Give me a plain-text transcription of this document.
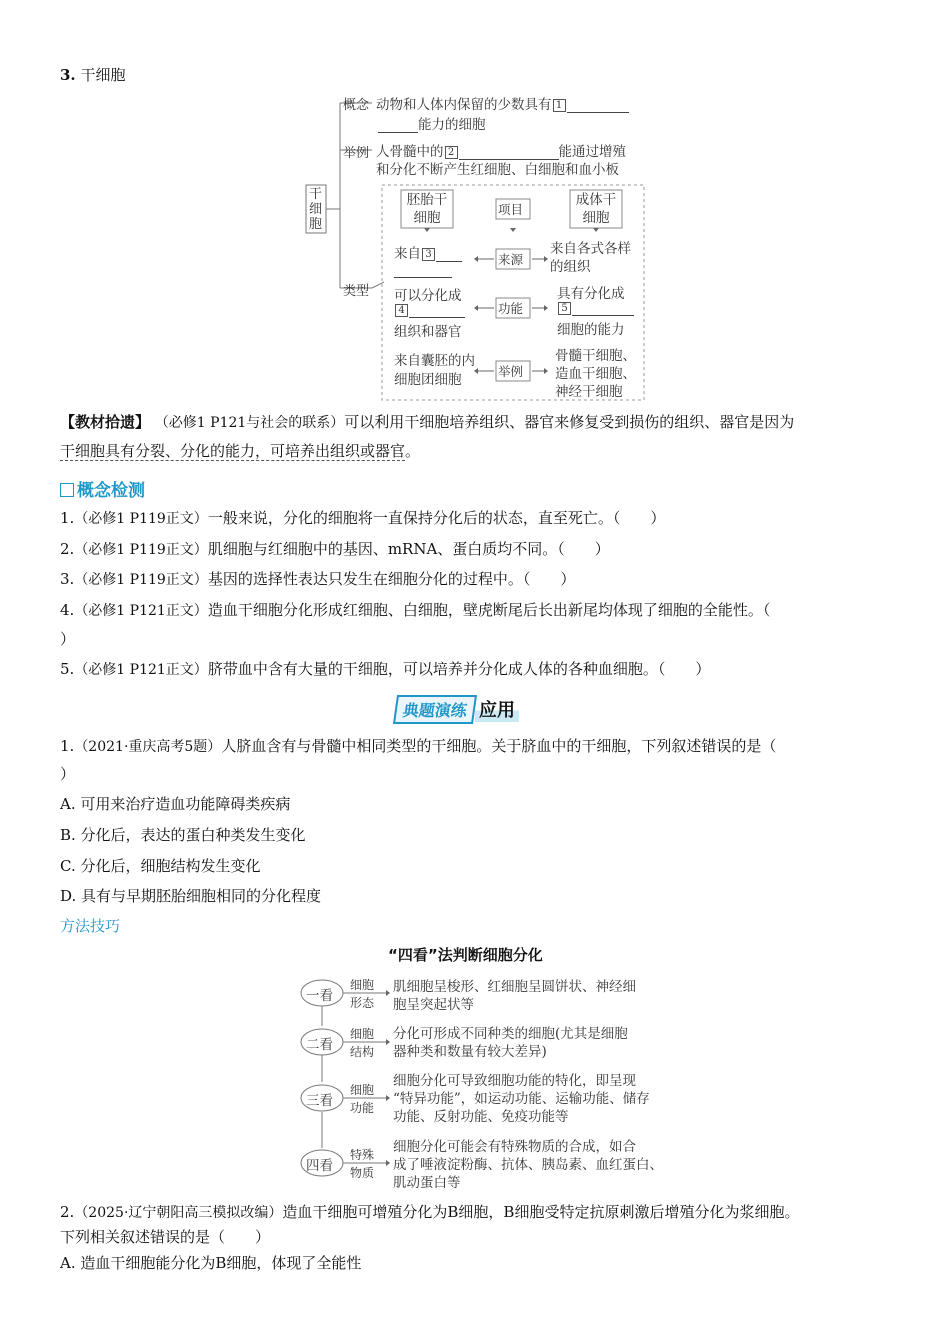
3. 干细胞
干细胞
概念 动物和人体内保留的少数具有 1
能力的细胞
举例 人骨髓中的 2	能通过增殖
和分化不断产生红细胞、白细胞和血小板
类型
胚胎干细胞
项目
成体干细胞
来源
来自 3	来自各式各样的组织
功能
可以分化成
4
组织和器官
具有分化成
5
细胞的能力
举例
来自囊胚的内细胞团细胞
骨髓干细胞、
造血干细胞、
神经干细胞
【教材拾遗】 （必修1 P121与社会的联系）可以利用干细胞培养组织、器官来修复受到损伤的组织、器官是因为
干细胞具有分裂、分化的能力，可培养出组织或器官。
概念检测
1.（必修1 P119正文）一般来说，分化的细胞将一直保持分化后的状态，直至死亡。（　　）
2.（必修1 P119正文）肌细胞与红细胞中的基因、mRNA、蛋白质均不同。（　　）
3.（必修1 P119正文）基因的选择性表达只发生在细胞分化的过程中。（　　）
4.（必修1 P121正文）造血干细胞分化形成红细胞、白细胞，壁虎断尾后长出新尾均体现了细胞的全能性。（
）
5.（必修1 P121正文）脐带血中含有大量的干细胞，可以培养并分化成人体的各种血细胞。（　　）
典题演练 应用
1.（2021·重庆高考5题）人脐血含有与骨髓中相同类型的干细胞。关于脐血中的干细胞，下列叙述错误的是（
）
A. 可用来治疗造血功能障碍类疾病
B. 分化后，表达的蛋白种类发生变化
C. 分化后，细胞结构发生变化
D. 具有与早期胚胎细胞相同的分化程度
方法技巧
“四看”法判断细胞分化
一看
细胞
形态
肌细胞呈梭形、红细胞呈圆饼状、神经细
胞呈突起状等
二看
细胞
结构
分化可形成不同种类的细胞(尤其是细胞
器种类和数量有较大差异)
三看
细胞
功能
细胞分化可导致细胞功能的特化，即呈现
“特异功能”，如运动功能、运输功能、储存
功能、反射功能、免疫功能等
四看
特殊
物质
细胞分化可能会有特殊物质的合成，如合
成了唾液淀粉酶、抗体、胰岛素、血红蛋白、
肌动蛋白等
2.（2025·辽宁朝阳高三模拟改编）造血干细胞可增殖分化为B细胞，B细胞受特定抗原刺激后增殖分化为浆细胞。
下列相关叙述错误的是（　　）
A. 造血干细胞能分化为B细胞，体现了全能性
